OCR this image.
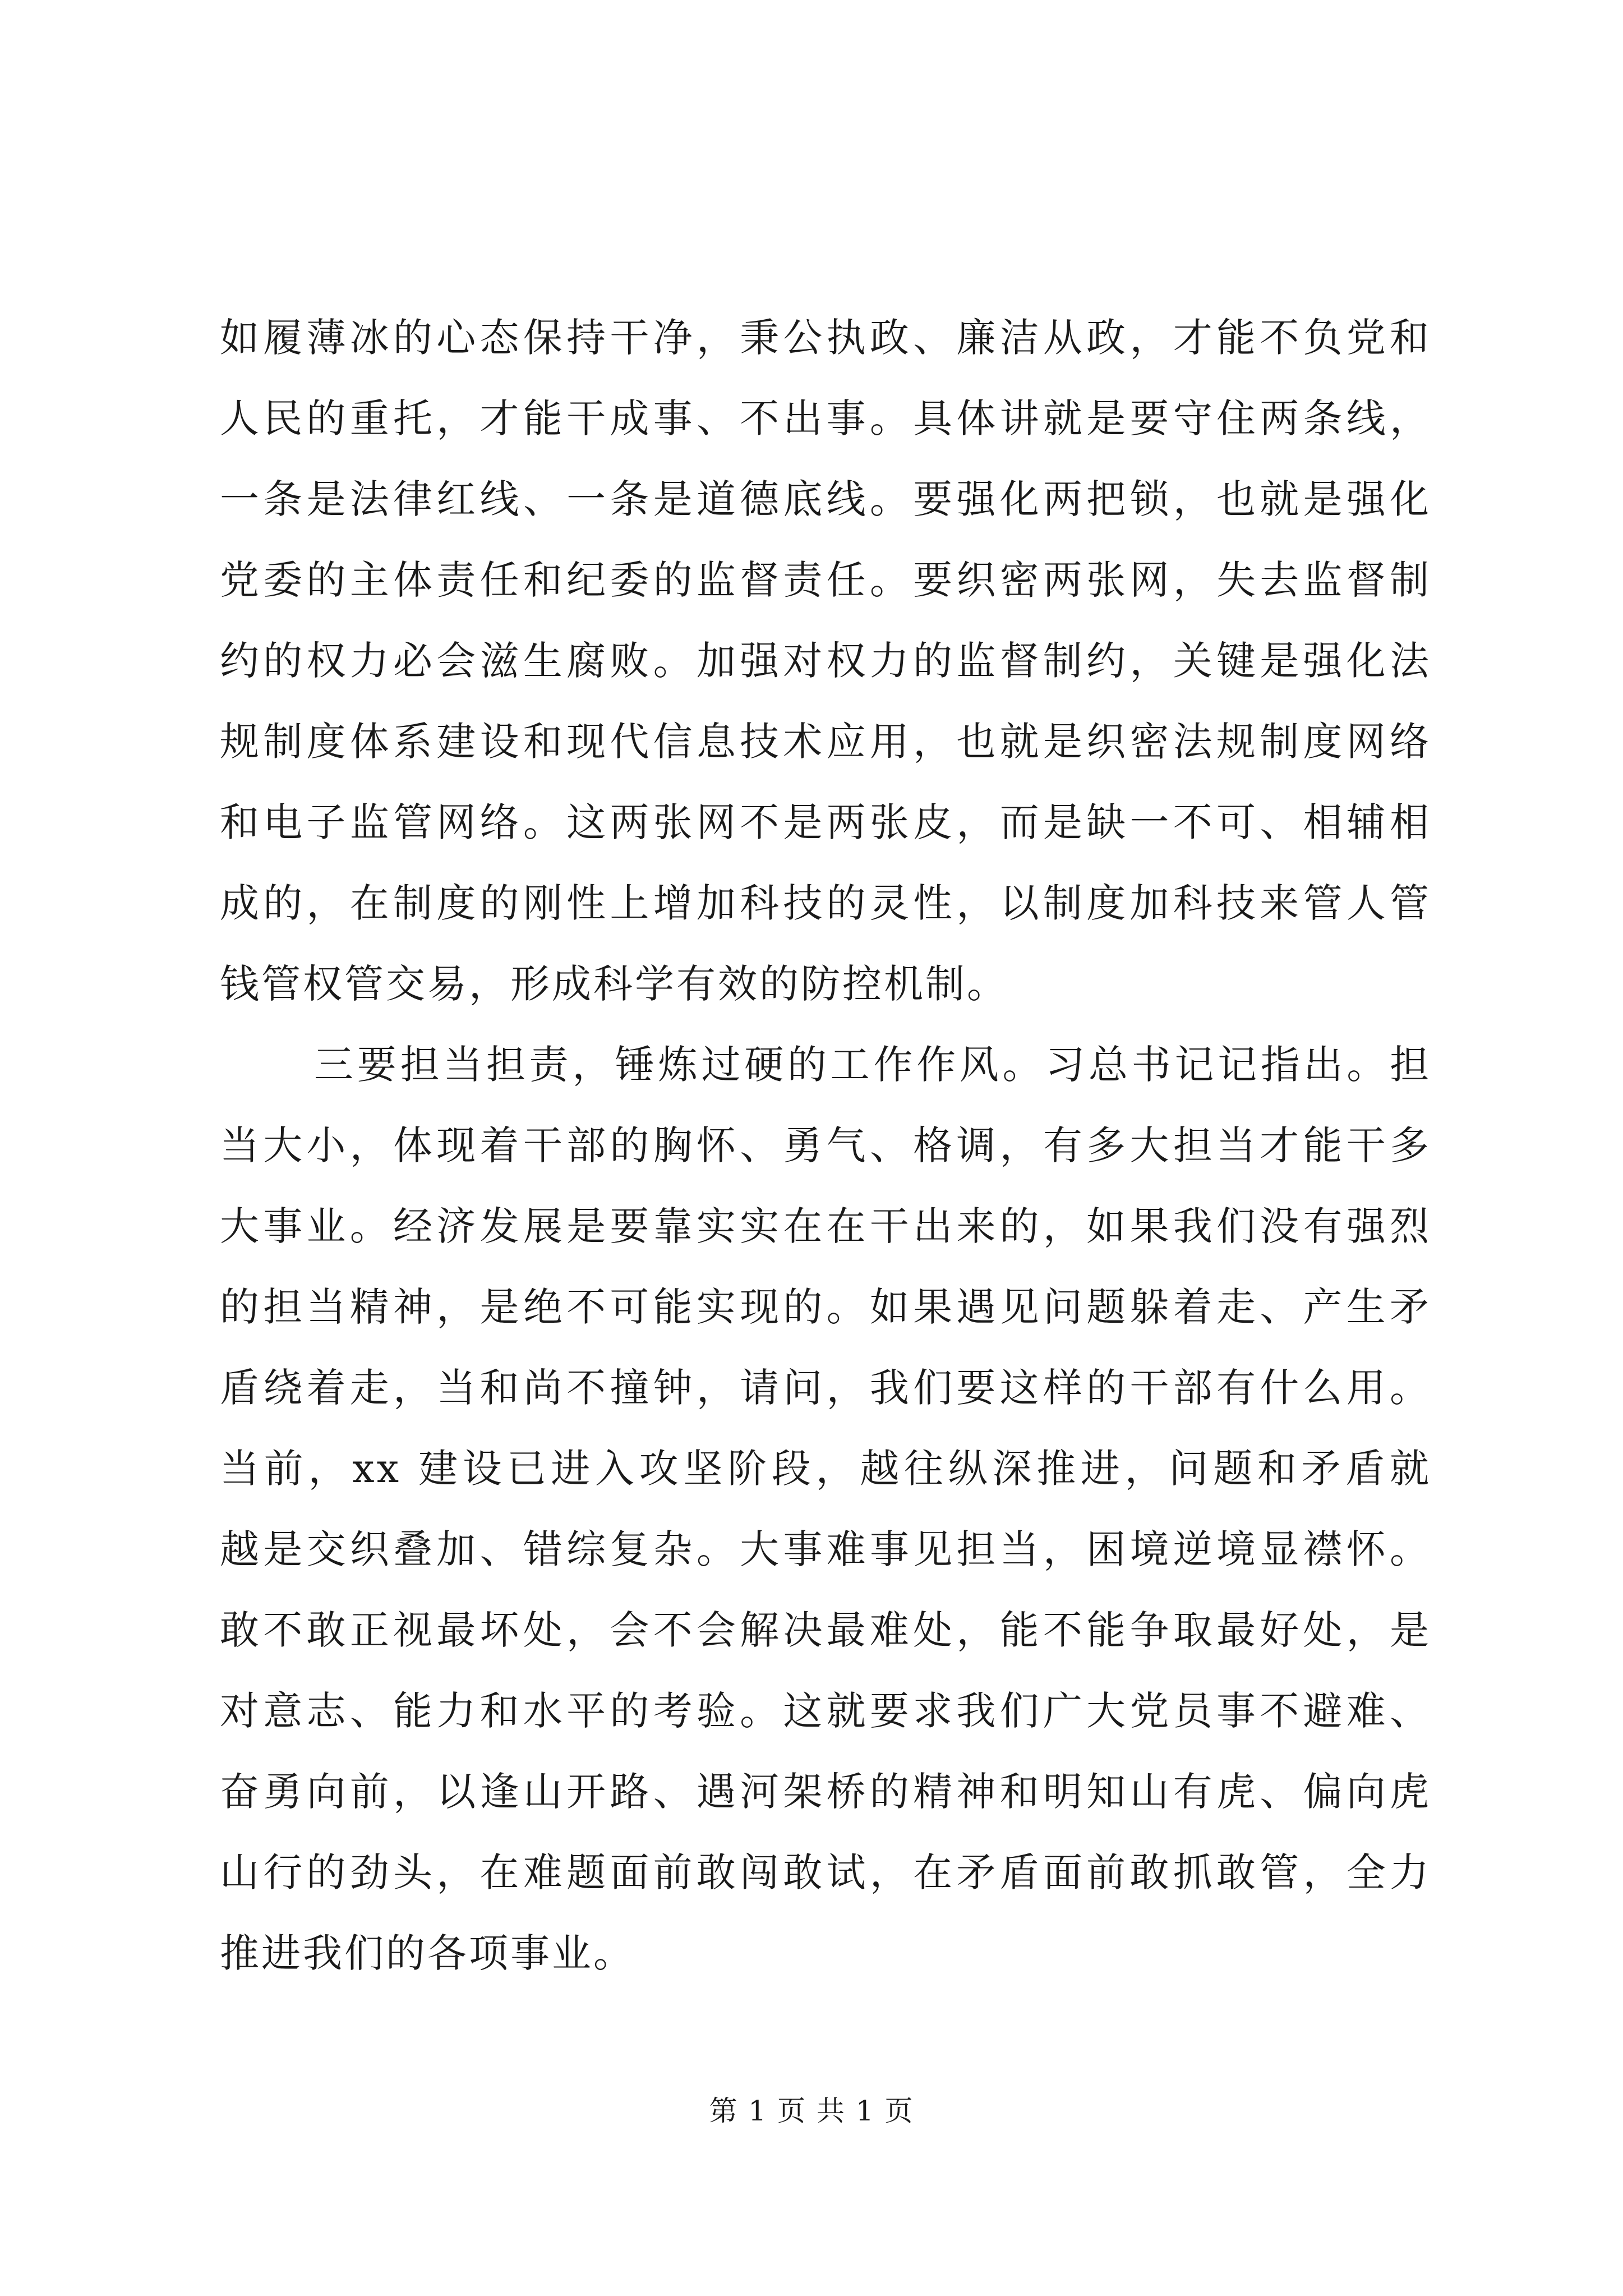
如履薄冰的心态保持干净，秉公执政、廉洁从政，才能不负党和
人民的重托，才能干成事、不出事。具体讲就是要守住两条线，
一条是法律红线、一条是道德底线。要强化两把锁，也就是强化
党委的主体责任和纪委的监督责任。要织密两张网，失去监督制
约的权力必会滋生腐败。加强对权力的监督制约，关键是强化法
规制度体系建设和现代信息技术应用，也就是织密法规制度网络
和电子监管网络。这两张网不是两张皮，而是缺一不可、相辅相
成的，在制度的刚性上增加科技的灵性，以制度加科技来管人管
钱管权管交易，形成科学有效的防控机制。
三要担当担责，锤炼过硬的工作作风。习总书记记指出。担
当大小，体现着干部的胸怀、勇气、格调，有多大担当才能干多
大事业。经济发展是要靠实实在在干出来的，如果我们没有强烈
的担当精神，是绝不可能实现的。如果遇见问题躲着走、产生矛
盾绕着走，当和尚不撞钟，请问，我们要这样的干部有什么用。
当前，xx 建设已进入攻坚阶段，越往纵深推进，问题和矛盾就
越是交织叠加、错综复杂。大事难事见担当，困境逆境显襟怀。
敢不敢正视最坏处，会不会解决最难处，能不能争取最好处，是
对意志、能力和水平的考验。这就要求我们广大党员事不避难、
奋勇向前，以逢山开路、遇河架桥的精神和明知山有虎、偏向虎
山行的劲头，在难题面前敢闯敢试，在矛盾面前敢抓敢管，全力
推进我们的各项事业。
第 1 页 共 1 页
